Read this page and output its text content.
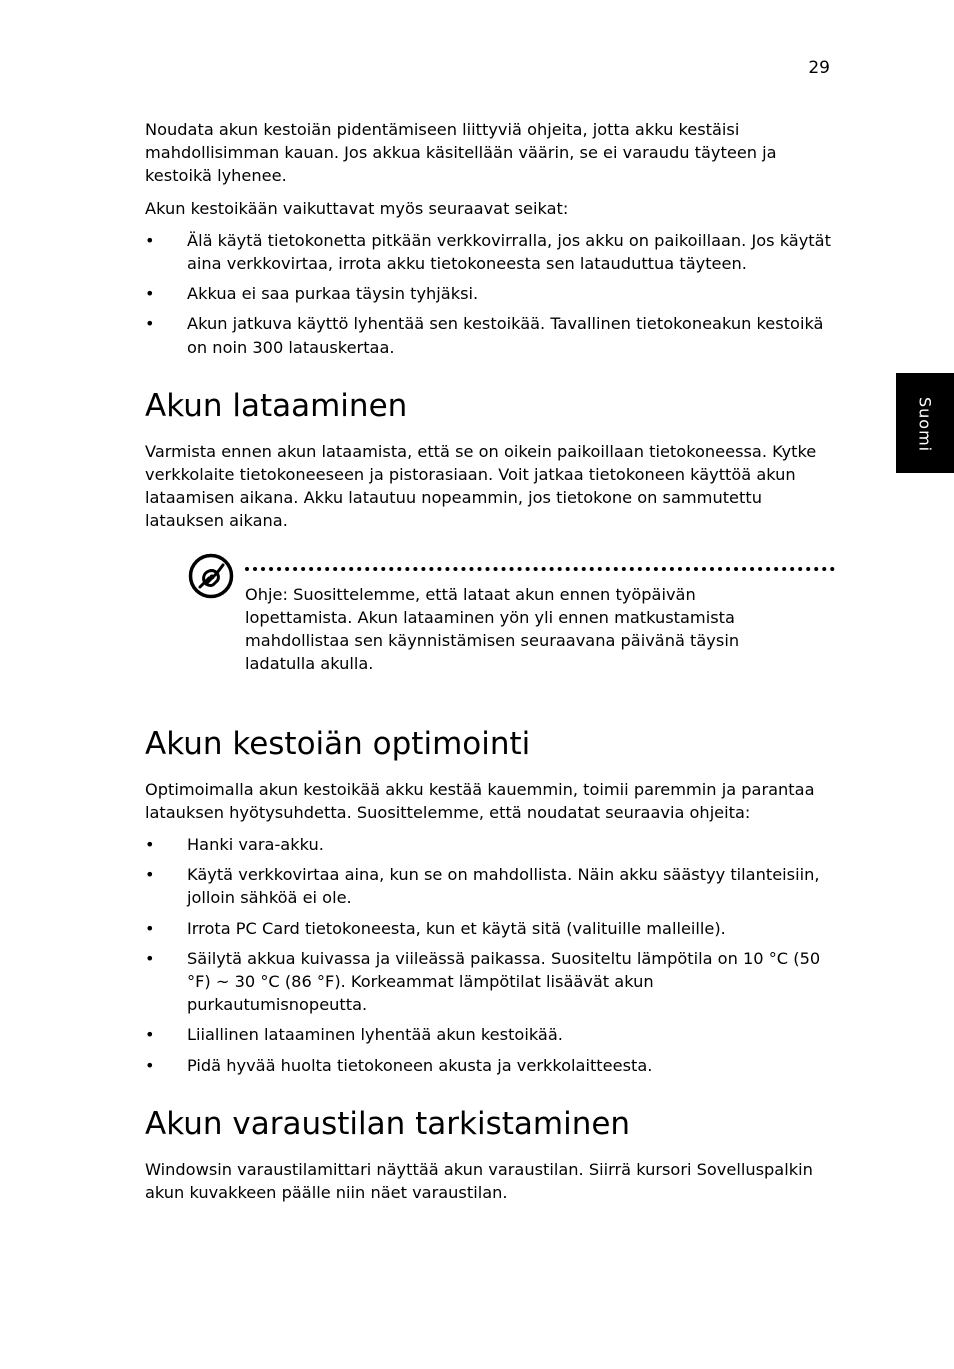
29
Suomi

Noudata akun kestoiän pidentämiseen liittyviä ohjeita, jotta akku kestäisi mahdollisimman kauan. Jos akkua käsitellään väärin, se ei varaudu täyteen ja kestoikä lyhenee.

Akun kestoikään vaikuttavat myös seuraavat seikat:

• Älä käytä tietokonetta pitkään verkkovirralla, jos akku on paikoillaan. Jos käytät aina verkkovirtaa, irrota akku tietokoneesta sen latauduttua täyteen.
• Akkua ei saa purkaa täysin tyhjäksi.
• Akun jatkuva käyttö lyhentää sen kestoikää. Tavallinen tietokoneakun kestoikä on noin 300 latauskertaa.
Akun lataaminen

Varmista ennen akun lataamista, että se on oikein paikoillaan tietokoneessa. Kytke verkkolaite tietokoneeseen ja pistorasiaan. Voit jatkaa tietokoneen käyttöä akun lataamisen aikana. Akku latautuu nopeammin, jos tietokone on sammutettu latauksen aikana.

Ohje: Suosittelemme, että lataat akun ennen työpäivän lopettamista. Akun lataaminen yön yli ennen matkustamista mahdollistaa sen käynnistämisen seuraavana päivänä täysin ladatulla akulla.

Akun kestoiän optimointi

Optimoimalla akun kestoikää akku kestää kauemmin, toimii paremmin ja parantaa latauksen hyötysuhdetta. Suosittelemme, että noudatat seuraavia ohjeita:

• Hanki vara-akku.
• Käytä verkkovirtaa aina, kun se on mahdollista. Näin akku säästyy tilanteisiin, jolloin sähköä ei ole.
• Irrota PC Card tietokoneesta, kun et käytä sitä (valituille malleille).
• Säilytä akkua kuivassa ja viileässä paikassa. Suositeltu lämpötila on 10 °C (50 °F) ~ 30 °C (86 °F). Korkeammat lämpötilat lisäävät akun purkautumisnopeutta.
• Liiallinen lataaminen lyhentää akun kestoikää.
• Pidä hyvää huolta tietokoneen akusta ja verkkolaitteesta.
Akun varaustilan tarkistaminen

Windowsin varaustilamittari näyttää akun varaustilan. Siirrä kursori Sovelluspalkin akun kuvakkeen päälle niin näet varaustilan.
